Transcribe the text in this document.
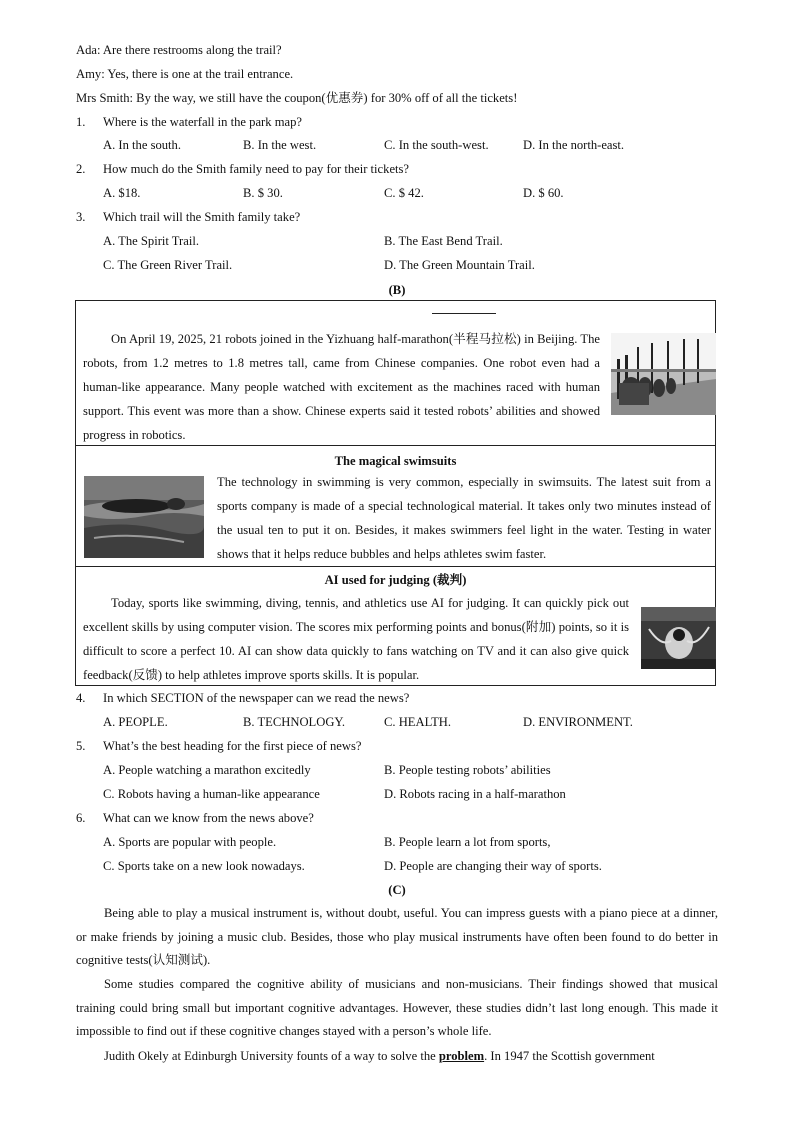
Ada: Are there restrooms along the trail?
Amy: Yes, there is one at the trail entrance.
Mrs Smith: By the way, we still have the coupon(优惠券) for 30% off of all the tickets!
1. Where is the waterfall in the park map?
A. In the south.	B. In the west.	C. In the south-west.	D. In the north-east.
2. How much do the Smith family need to pay for their tickets?
A. $18.	B. $ 30.	C. $ 42.	D. $ 60.
3. Which trail will the Smith family take?
A. The Spirit Trail.	B. The East Bend Trail.
C. The Green River Trail.	D. The Green Mountain Trail.
(B)
On April 19, 2025, 21 robots joined in the Yizhuang half-marathon(半程马拉松) in Beijing. The robots, from 1.2 metres to 1.8 metres tall, came from Chinese companies. One robot even had a human-like appearance. Many people watched with excitement as the machines raced with human support. This event was more than a show. Chinese experts said it tested robots’ abilities and showed progress in robotics.
The magical swimsuits
The technology in swimming is very common, especially in swimsuits. The latest suit from a sports company is made of a special technological material. It takes only two minutes instead of the usual ten to put it on. Besides, it makes swimmers feel light in the water. Testing in water shows that it helps reduce bubbles and helps athletes swim faster.
AI used for judging (裁判)
Today, sports like swimming, diving, tennis, and athletics use AI for judging. It can quickly pick out excellent skills by using computer vision. The scores mix performing points and bonus(附加) points, so it is difficult to score a perfect 10. AI can show data quickly to fans watching on TV and it can also give quick feedback(反馈) to help athletes improve sports skills. It is popular.
4. In which SECTION of the newspaper can we read the news?
A. PEOPLE.	B. TECHNOLOGY.	C. HEALTH.	D. ENVIRONMENT.
5. What’s the best heading for the first piece of news?
A. People watching a marathon excitedly	B. People testing robots’ abilities
C. Robots having a human-like appearance	D. Robots racing in a half-marathon
6. What can we know from the news above?
A. Sports are popular with people.	B. People learn a lot from sports,
C. Sports take on a new look nowadays.	D. People are changing their way of sports.
(C)
Being able to play a musical instrument is, without doubt, useful. You can impress guests with a piano piece at a dinner, or make friends by joining a music club. Besides, those who play musical instruments have often been found to do better in cognitive tests(认知测试).
Some studies compared the cognitive ability of musicians and non-musicians. Their findings showed that musical training could bring small but important cognitive advantages. However, these studies didn’t last long enough. This made it impossible to find out if these cognitive changes stayed with a person’s whole life.
Judith Okely at Edinburgh University founts of a way to solve the problem. In 1947 the Scottish government
